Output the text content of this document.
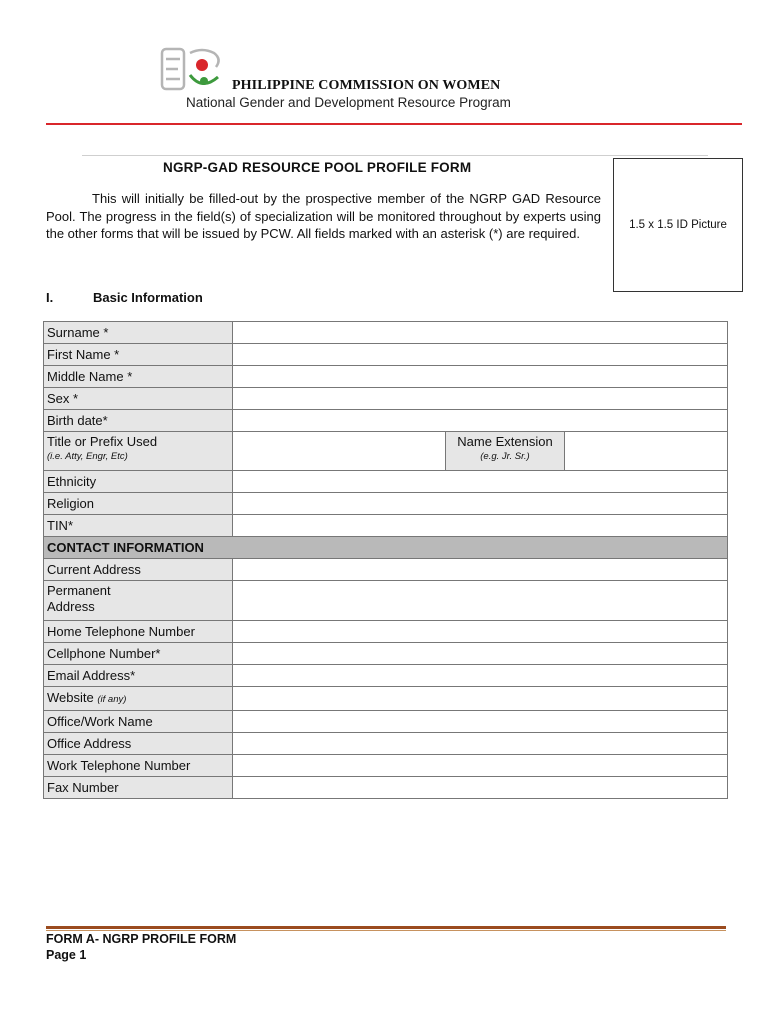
PHILIPPINE COMMISSION ON WOMEN
National Gender and Development Resource Program
NGRP-GAD RESOURCE POOL PROFILE FORM

This will initially be filled-out by the prospective member of the NGRP GAD Resource Pool. The progress in the field(s) of specialization will be monitored throughout by experts using the other forms that will be issued by PCW. All fields marked with an asterisk (*) are required.

1.5 x 1.5 ID Picture
I.	Basic Information
Surname *			
First Name *			
Middle Name *			
Sex *			
Birth date*			
Title or Prefix Used
(i.e. Atty, Engr, Etc)		Name Extension
(e.g. Jr. Sr.)	

Ethnicity			
Religion			
TIN*			
CONTACT INFORMATION			
Current Address			

Permanent
Address			

Home Telephone Number			
Cellphone Number*			
Email Address*			
Website (if any)			
Office/Work Name			
Office Address			
Work Telephone Number			
Fax Number			
FORM A- NGRP PROFILE FORM
Page 1
